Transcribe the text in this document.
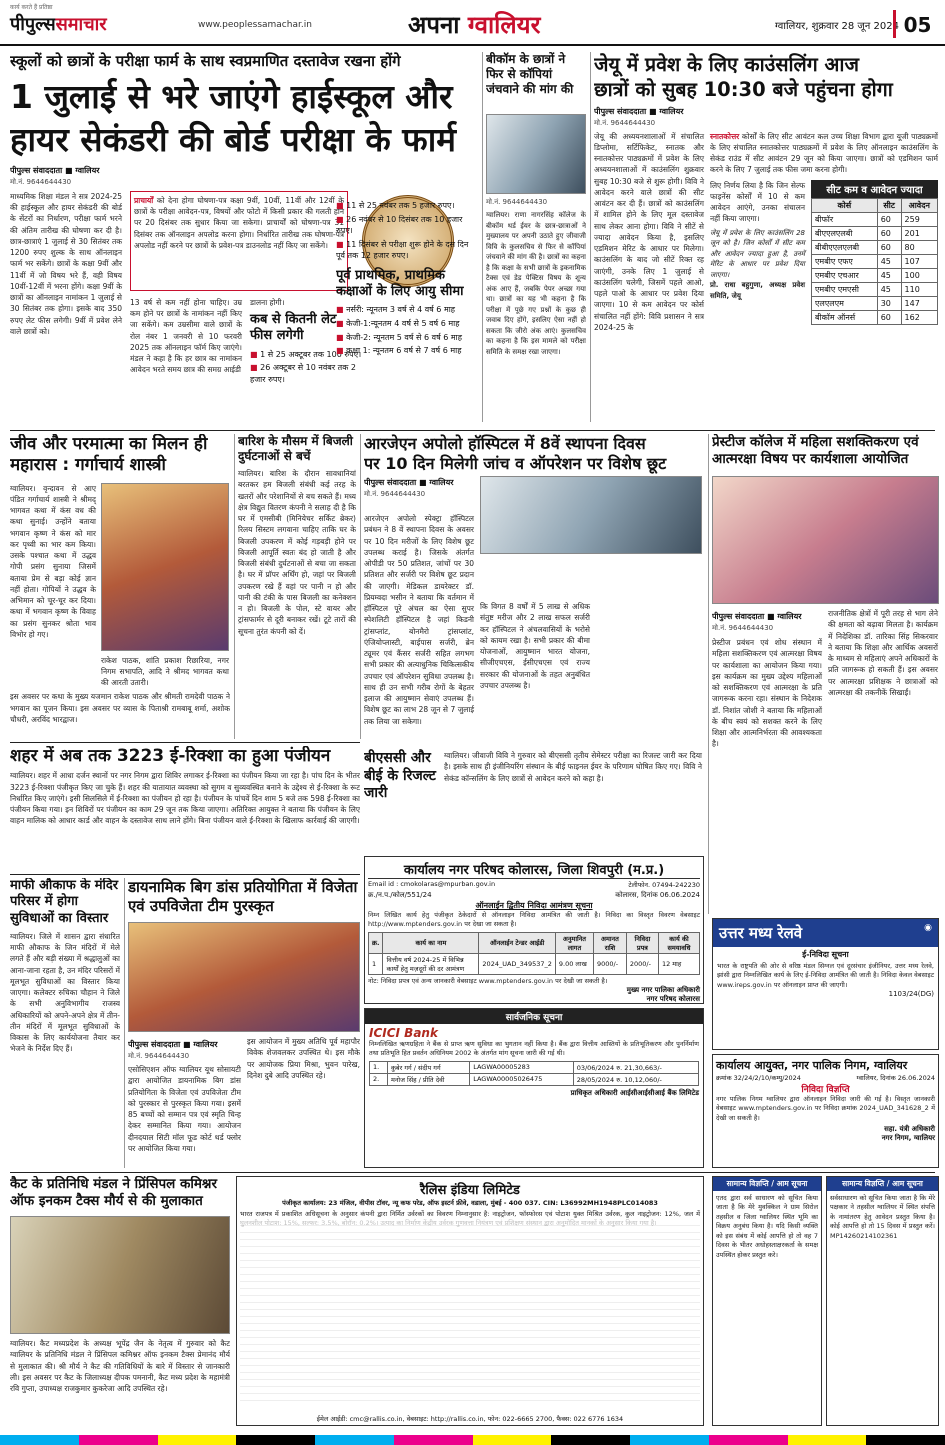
कार्य करते हैं प्रतिष्ठा
पीपुल्ससमाचार	www.peoplessamachar.in	अपना ग्वालियर	ग्वालियर, शुक्रवार 28 जून 2024 05
स्कूलों को छात्रों के परीक्षा फार्म के साथ स्वप्रमाणित दस्तावेज रखना होंगे
1 जुलाई से भरे जाएंगे हाईस्कूल और
हायर सेकंडरी की बोर्ड परीक्षा के फार्म
पीपुल्स संवाददाता ■ ग्वालियर
मो.नं. 9644644430
माध्यमिक शिक्षा मंडल ने सत्र 2024-25 की हाईस्कूल और हायर सेकंडरी की बोर्ड के सेंटरों का निर्धारण, परीक्षा फार्म भरने की अंतिम तारीख की घोषणा कर दी है। छात्र-छात्राएं 1 जुलाई से 30 सितंबर तक 1200 रुपए शुल्क के साथ ऑनलाइन फार्म भर सकेंगे। छात्रों के कक्षा 9वीं और 11वीं में जो विषय भरे हैं, वही विषय 10वीं-12वीं में भरना होंगे। कक्षा 9वीं के छात्रों का ऑनलाइन नामांकन 1 जुलाई से 30 सितंबर तक होगा। इसके बाद 350 रुपए लेट फीस लगेगी। 9वीं में प्रवेश लेने वाले छात्रों को।
प्राचार्यों को देना होगा घोषणा-पत्र कक्षा 9वीं, 10वीं, 11वीं और 12वीं के छात्रों के परीक्षा आवेदन-पत्र, विषयों और फोटो में किसी प्रकार की गलती होने पर 20 दिसंबर तक सुधार किया जा सकेगा। प्राचार्यों को घोषणा-पत्र 31 दिसंबर तक ऑनलाइन अपलोड करना होगा। निर्धारित तारीख तक घोषणा-पत्र अपलोड नहीं करने पर छात्रों के प्रवेश-पत्र डाउनलोड नहीं किए जा सकेंगे।
13 वर्ष से कम नहीं होना चाहिए। उम्र कम होने पर छात्रों के नामांकन नहीं किए जा सकेंगे। कम उम्रसीमा वाले छात्रों के रोल नंबर 1 जनवरी से 10 फरवरी 2025 तक ऑनलाइन फॉर्म किए जाएंगे। मंडल ने कहा है कि हर छात्र का नामांकन आवेदन भरते समय छात्र की समग्र आईडी
डालना होगी।
कब से कितनी लेट फीस लगेगी
■ 1 से 25 अक्टूबर तक 100 रुपए।
■ 26 अक्टूबर से 10 नवंबर तक 2 हजार रुपए।
■ 11 से 25 नवंबर तक 5 हजार रुपए।
■ 26 नवंबर से 10 दिसंबर तक 10 हजार रुपए।
■ 11 दिसंबर से परीक्षा शुरू होने के दस दिन पूर्व तक 12 हजार रुपए।
पूर्व प्राथमिक, प्राथमिक कक्षाओं के लिए आयु सीमा
■ नर्सरी: न्यूनतम 3 वर्ष से 4 वर्ष 6 माह
■ केजी-1:न्यूनतम 4 वर्ष से 5 वर्ष 6 माह
■ केजी-2: न्यूनतम 5 वर्ष से 6 वर्ष 6 माह
■ कक्षा 1: न्यूनतम 6 वर्ष से 7 वर्ष 6 माह
बीकॉम के छात्रों ने फिर से कॉपियां जंचवाने की मांग की
मो.नं. 9644644430
ग्वालियर। राणा नागरसिंह कॉलेज के बीकॉम थर्ड ईयर के छात्र-छात्राओं ने मुख्यालय पर अपनी उठाते हुए जीवाजी विवि के कुलसचिव से फिर से कॉपियां जंचवाने की मांग की है। छात्रों का कहना है कि कक्षा के सभी छात्रों के इकनामिक टैक्स एवं डेड पेक्टिस विषय के शून्य अंक आए हैं, जबकि पेपर अच्छा गया था। छात्रों का यह भी कहना है कि परीक्षा में पूछे गए प्रश्नों के कुछ ही जवाब दिए होंगे, इसलिए ऐसा नहीं हो सकता कि जीरो अंक आएं। कुलसचिव का कहना है कि इस मामले को परीक्षा समिति के समक्ष रखा जाएगा।
जेयू में प्रवेश के लिए काउंसलिंग आज
छात्रों को सुबह 10:30 बजे पहुंचना होगा
पीपुल्स संवाददाता ■ ग्वालियर
मो.नं. 9644644430
जेयू की अध्ययनशालाओं में संचालित डिप्लोमा, सर्टिफिकेट, स्नातक और स्नातकोत्तर पाठ्यक्रमों में प्रवेश के लिए अध्ययनशालाओं में काउंसलिंग शुक्रवार सुबह 10:30 बजे से शुरू होगी। विवि ने आवेदन करने वाले छात्रों की सीट आवंटन कर दी हैं। छात्रों को काउंसलिंग में शामिल होने के लिए मूल दस्तावेज साथ लेकर आना होगा। विवि ने सीटें से ज्यादा आवेदन किया है, इसलिए एडमिशन मेरिट के आधार पर मिलेगा। काउंसलिंग के बाद जो सीटें रिक्त रह जाएंगी, उनके लिए 1 जुलाई से काउंसलिंग चलेगी, जिसमें पहले आओ, पहले पाओ के आधार पर प्रवेश दिया जाएगा। 10 से कम आवेदन पर कोर्स संचालित नहीं होंगे: विवि प्रशासन ने सत्र 2024-25 के
स्नातकोत्तर कोर्सों के लिए सीट आवंटन कल उच्च शिक्षा विभाग द्वारा यूजी पाठ्यक्रमों के लिए संचालित स्नातकोत्तर पाठ्यक्रमों में प्रवेश के लिए ऑनलाइन काउंसलिंग के सेकंड राउंड में सीट आवंटन 29 जून को किया जाएगा। छात्रों को एडमिशन फार्म करने के लिए 7 जुलाई तक फीस जमा करना होगी।
लिए निर्णय लिया है कि जिन सेल्फ फाइनेंस कोर्सों में 10 से कम आवेदन आएंगे, उनका संचालन नहीं किया जाएगा।
जेयू में प्रवेश के लिए काउंसलिंग 28 जून को है। जिन कोर्सों में सीट कम और आवेदन ज्यादा हुआ है, उनमें मेरिट के आधार पर प्रवेश दिया जाएगा।
प्रो. राधा बहुगुणा, अध्यक्ष प्रवेश समिति, जेयू
सीट कम व आवेदन ज्यादा
कोर्स	सीट	आवेदन
बीफॉर	60	259
बीएएलएलबी	60	201
बीबीएएलएलबी	60	80
एमबीए एफए	45	107
एमबीए एचआर	45	100
एमबीए एमएसी	45	110
एलएलएम	30	147
बीकॉम ऑनर्स	60	162
जीव और परमात्मा का मिलन ही महारास : गर्गाचार्य शास्त्री
ग्वालियर। वृन्दावन से आए पंडित गर्गाचार्य शास्त्री ने श्रीमद् भागवत कथा में कंस वध की कथा सुनाई। उन्होंने बताया भगवान कृष्ण ने कंस को मार कर पृथ्वी का भार कम किया। उसके पश्चात कथा में उद्धव गोपी प्रसंग सुनाया जिसमें बताया प्रेम से बड़ा कोई ज्ञान नहीं होता। गोपियों ने उद्धव के अभिमान को चूर-चूर कर दिया। कथा में भगवान कृष्ण के विवाह का प्रसंग सुनकर श्रोता भाव विभोर हो गए।
राकेश पाठक, शांति प्रकाश रिछारिया, नगर निगम सभापति, आदि ने श्रीमद भागवत कथा की आरती उतारी।
इस अवसर पर कथा के मुख्य यजमान राकेश पाठक और श्रीमती रामदेवी पाठक ने भगवान का पूजन किया। इस अवसर पर व्यास के पिताश्री रामबाबू शर्मा, अशोक चौधरी, अरविंद भारद्वाज।
बारिश के मौसम में बिजली दुर्घटनाओं से बचें
ग्वालियर। बारिश के दौरान सावधानियां बरतकर हम बिजली संबंधी कई तरह के खतरों और परेशानियों से बच सकते हैं। मध्य क्षेत्र विद्युत वितरण कंपनी ने सलाह दी है कि घर में एमसीबी (मिनियेचर सर्किट ब्रेकर) रिलय सिस्टम लगवाना चाहिए ताकि घर के बिजली उपकरण में कोई गड़बड़ी होने पर बिजली आपूर्ति स्वतः बंद हो जाती है और बिजली संबंधी दुर्घटनाओं से बचा जा सकता है। घर में प्रॉपर अर्थिंग हो, जहां पर बिजली उपकरण रखे हैं वहां पर पानी न हो और पानी की टंकी के पास बिजली का कनेक्शन न हो। बिजली के पोल, स्टे वायर और ट्रांसफार्मर से दूरी बनाकर रखें। टूटे तारों की सूचना तुरंत कंपनी को दें।
आरजेएन अपोलो हॉस्पिटल में 8वें स्थापना दिवस
पर 10 दिन मिलेगी जांच व ऑपरेशन पर विशेष छूट
पीपुल्स संवाददाता ■ ग्वालियर
मो.नं. 9644644430
आरजेएन अपोलो स्पेक्ट्रा हॉस्पिटल प्रबंधन ने 8 वें स्थापना दिवस के अवसर पर 10 दिन मरीजों के लिए विशेष छूट उपलब्ध कराई है। जिसके अंतर्गत ओपीडी पर 50 प्रतिशत, जांचों पर 30 प्रतिशत और सर्जरी पर विशेष छूट प्रदान की जाएगी। मेडिकल डायरेक्टर डॉ. प्रियम्वदा भसीन ने बताया कि वर्तमान में हॉस्पिटल पूरे अंचल का ऐसा सुपर स्पेशलिटी हॉस्पिटल है जहां किडनी ट्रांसप्लांट, बोनमैरो ट्रांसप्लांट, एंजियोप्लास्टी, बाईपास सर्जरी, ब्रेन ट्यूमर एवं कैंसर सर्जरी सहित लगभग सभी प्रकार की अत्याधुनिक चिकित्सकीय उपचार एवं ऑपरेशन सुविधा उपलब्ध है। साथ ही उन सभी गरीब रोगों के बेहतर इलाज की आयुष्मान सेवाएं उपलब्ध हैं। विशेष छूट का लाभ 28 जून से 7 जुलाई तक लिया जा सकेगा।
कि विगत 8 वर्षों में 5 लाख से अधिक संतुष्ट मरीज और 2 लाख सफल सर्जरी कर हॉस्पिटल ने अंचलवासियों के भरोसे को कायम रखा है। सभी प्रकार की बीमा योजनाओं, आयुष्मान भारत योजना, सीजीएचएस, ईसीएचएस एवं राज्य सरकार की योजनाओं के तहत अनुबंधित उपचार उपलब्ध है।
बीएससी और बीई के रिजल्ट जारी
ग्वालियर। जीवाजी विवि ने गुरुवार को बीएससी तृतीय सेमेस्टर परीक्षा का रिजल्ट जारी कर दिया है। इसके साथ ही इंजीनियरिंग संस्थान के बीई फाइनल ईयर के परिणाम घोषित किए गए। विवि ने सेकंड कॉन्सलिंग के लिए छात्रों से आवेदन करने को कहा है।
प्रेस्टीज कॉलेज में महिला सशक्तिकरण एवं आत्मरक्षा विषय पर कार्यशाला आयोजित
पीपुल्स संवाददाता ■ ग्वालियर
मो.नं. 9644644430
प्रेस्टीज प्रबंधन एवं शोध संस्थान में महिला सशक्तिकरण एवं आत्मरक्षा विषय पर कार्यशाला का आयोजन किया गया। इस कार्यक्रम का मुख्य उद्देश्य महिलाओं को सशक्तिकरण एवं आत्मरक्षा के प्रति जागरूक करना रहा। संस्थान के निदेशक डॉ. निशांत जोशी ने बताया कि महिलाओं के बीच स्वयं को सशक्त करने के लिए शिक्षा और आत्मनिर्भरता की आवश्यकता है।
राजनीतिक क्षेत्रों में पूरी तरह से भाग लेने की क्षमता को बढ़ावा मिलता है। कार्यक्रम में निदेशिका डॉ. तारिका सिंह सिकरवार ने बताया कि शिक्षा और आर्थिक अवसरों के माध्यम से महिलाएं अपने अधिकारों के प्रति जागरूक हो सकती हैं। इस अवसर पर आत्मरक्षा प्रशिक्षक ने छात्राओं को आत्मरक्षा की तकनीकें सिखाईं।
शहर में अब तक 3223 ई-रिक्शा का हुआ पंजीयन
ग्वालियर। शहर में आधा दर्जन स्थानों पर नगर निगम द्वारा शिविर लगाकर ई-रिक्शा का पंजीयन किया जा रहा है। पांच दिन के भीतर 3223 ई-रिक्शा पंजीकृत किए जा चुके हैं। शहर की यातायात व्यवस्था को सुगम व सुव्यवस्थित बनाने के उद्देश्य से ई-रिक्शा के रूट निर्धारित किए जाएंगे। इसी सिलसिले में ई-रिक्शा का पंजीयन हो रहा है। पंजीयन के पांचवें दिन शाम 5 बजे तक 598 ई-रिक्शा का पंजीयन किया गया। इन शिविरों पर पंजीयन का काम 29 जून तक किया जाएगा। अतिरिक्त आयुक्त ने बताया कि पंजीयन के लिए वाहन मालिक को आधार कार्ड और वाहन के दस्तावेज साथ लाने होंगे। बिना पंजीयन वाले ई-रिक्शा के खिलाफ कार्रवाई की जाएगी।
कार्यालय नगर परिषद कोलारस, जिला शिवपुरी (म.प्र.)
Email id : cmokolaras@mpurban.gov.in	टेलीफोन. 07494-242230
क्र./न.प./कोल/551/24	कोलारस, दिनांक 06.06.2024
ऑनलाईन द्वितीय निविदा आमंत्रण सूचना
निम्न लिखित कार्य हेतु पंजीकृत ठेकेदारों से ऑनलाइन निविदा आमंत्रित की जाती है। निविदा का विस्तृत विवरण वेबसाइट http://www.mptenders.gov.in पर देखा जा सकता है।
क्र.	कार्य का नाम	ऑनलाईन टेन्डर आईडी	अनुमानित लागत	अमानत राशि	निविदा प्रपत्र	कार्य की समयावधि
1	वित्तीय वर्ष 2024-25 में विभिन्न कार्यों हेतु मज़दूरों की दर आमंत्रण	2024_UAD_349537_2	9.00 लाख	9000/-	2000/-	12 माह
नोट: निविदा प्रपत्र एवं अन्य जानकारी वेबसाइट www.mptenders.gov.in पर देखी जा सकती है।
मुख्य नगर पालिका अधिकारी
नगर परिषद कोलारस
माफी औकाफ के मंदिर परिसर में होगा सुविधाओं का विस्तार
ग्वालियर। जिले में शासन द्वारा संधारित माफी औकाफ के जिन मंदिरों में मेले लगते हैं और बड़ी संख्या में श्रद्धालुओं का आना-जाना रहता है, उन मंदिर परिसरों में मूलभूत सुविधाओं का विस्तार किया जाएगा। कलेक्टर रुचिका चौहान ने जिले के सभी अनुविभागीय राजस्व अधिकारियों को अपने-अपने क्षेत्र में तीन-तीन मंदिरों में मूलभूत सुविधाओं के विकास के लिए कार्ययोजना तैयार कर भेजने के निर्देश दिए हैं।
डायनामिक बिग डांस प्रतियोगिता में विजेता एवं उपविजेता टीम पुरस्कृत
पीपुल्स संवाददाता ■ ग्वालियर
मो.नं. 9644644430
एसोसिएशन ऑफ ग्वालियर यूथ सोसायटी द्वारा आयोजित डायनामिक बिग डांस प्रतियोगिता के विजेता एवं उपविजेता टीम को पुरस्कार से पुरस्कृत किया गया। इसमें 85 बच्चों को सम्मान पत्र एवं स्मृति चिन्ह देकर सम्मानित किया गया। आयोजन दीनदयाल सिटी मॉल फूड कोर्ट थर्ड फ्लोर पर आयोजित किया गया।
इस आयोजन में मुख्य अतिथि पूर्व महापौर विवेक शेजवलकर उपस्थित थे। इस मौके पर आयोजक प्रिया मिश्रा, भुवन पारेख, दिनेश दुबे आदि उपस्थित रहे।
सार्वजनिक सूचना
ICICI Bank
निम्नलिखित ऋणग्रहिता ने बैंक से प्राप्त ऋण सुविधा का भुगतान नहीं किया है। बैंक द्वारा वित्तीय आस्तियों के प्रतिभूतिकरण और पुनर्निर्माण तथा प्रतिभूति हित प्रवर्तन अधिनियम 2002 के अंतर्गत मांग सूचना जारी की गई थी।
1.	कुबेर गर्ग / संदीप गर्ग	LAGWA00005283	03/06/2024 रु. 21,30,663/-
2.	मनोज सिंह / प्रीति देवी	LAGWA00005026475	28/05/2024 रु. 10,12,060/-
प्राधिकृत अधिकारी आईसीआईसीआई बैंक लिमिटेड
उत्तर मध्य रेलवे	◉
ई-निविदा सूचना
भारत के राष्ट्रपति की ओर से वरिष्ठ मंडल सिग्नल एवं दूरसंचार इंजीनियर, उत्तर मध्य रेलवे, झांसी द्वारा निम्नलिखित कार्य के लिए ई-निविदा आमंत्रित की जाती है। निविदा केवल वेबसाइट www.ireps.gov.in पर ऑनलाइन प्राप्त की जाएगी।
1103/24(DG)
कार्यालय आयुक्त, नगर पालिक निगम, ग्वालियर
क्रमांक 32/24/2/10/कम्यु/2024	ग्वालियर, दिनांक 26.06.2024
निविदा विज्ञप्ति
नगर पालिक निगम ग्वालियर द्वारा ऑनलाइन निविदा जारी की गई है। विस्तृत जानकारी वेबसाइट www.mptenders.gov.in पर निविदा क्रमांक 2024_UAD_341628_2 में देखी जा सकती है।
सहा. यंत्री अधिकारी
नगर निगम, ग्वालियर
कैट के प्रतिनिधि मंडल ने प्रिंसिपल कमिश्नर ऑफ इनकम टैक्स मौर्य से की मुलाकात
ग्वालियर। कैट मध्यप्रदेश के अध्यक्ष भूपेंद्र जैन के नेतृत्व में गुरुवार को कैट ग्वालियर के प्रतिनिधि मंडल ने प्रिंसिपल कमिश्नर ऑफ इनकम टैक्स प्रेमानंद मौर्य से मुलाकात की। श्री मौर्य ने कैट की गतिविधियों के बारे में विस्तार से जानकारी ली। इस अवसर पर कैट के जिलाध्यक्ष दीपक पमनानी, कैट मध्य प्रदेश के महामंत्री रवि गुप्ता, उपाध्यक्ष राजकुमार कुकरेजा आदि उपस्थित रहे।
रैलिस इंडिया लिमिटेड
पंजीकृत कार्यालय: 23 मंजिल, वीपीस टॉवर, न्यू कफ परेड, ऑफ इस्टर्न फ्रीवे, वडाला, मुंबई - 400 037. CIN: L36992MH1948PLC014083
भारत राजपत्र में प्रकाशित अधिसूचना के अनुसार कंपनी द्वारा निर्मित उर्वरकों का विवरण निम्नानुसार है: नाइट्रोजन, फॉस्फोरस एवं पोटाश युक्त मिश्रित उर्वरक, कुल नाइट्रोजन: 12%, जल में
ईमेल आईडी: cmc@rallis.co.in, वेबसाइट: http://rallis.co.in, फोन: 022-6665 2700, फैक्स: 022 6776 1634
सामान्य विज्ञप्ति / आम सूचना
एतद द्वारा सर्व साधारण को सूचित किया जाता है कि मेरे मुवक्किल ने ग्राम सिरोल तहसील व जिला ग्वालियर स्थित भूमि का विक्रय अनुबंध किया है। यदि किसी व्यक्ति को इस संबंध में कोई आपत्ति हो तो वह 7 दिवस के भीतर अधोहस्ताक्षरकर्ता के समक्ष उपस्थित होकर प्रस्तुत करे।
सामान्य विज्ञप्ति / आम सूचना
सर्वसाधारण को सूचित किया जाता है कि मेरे पक्षकार ने तहसील ग्वालियर में स्थित संपत्ति के नामांतरण हेतु आवेदन प्रस्तुत किया है। कोई आपत्ति हो तो 15 दिवस में प्रस्तुत करें। MP14260214102361
